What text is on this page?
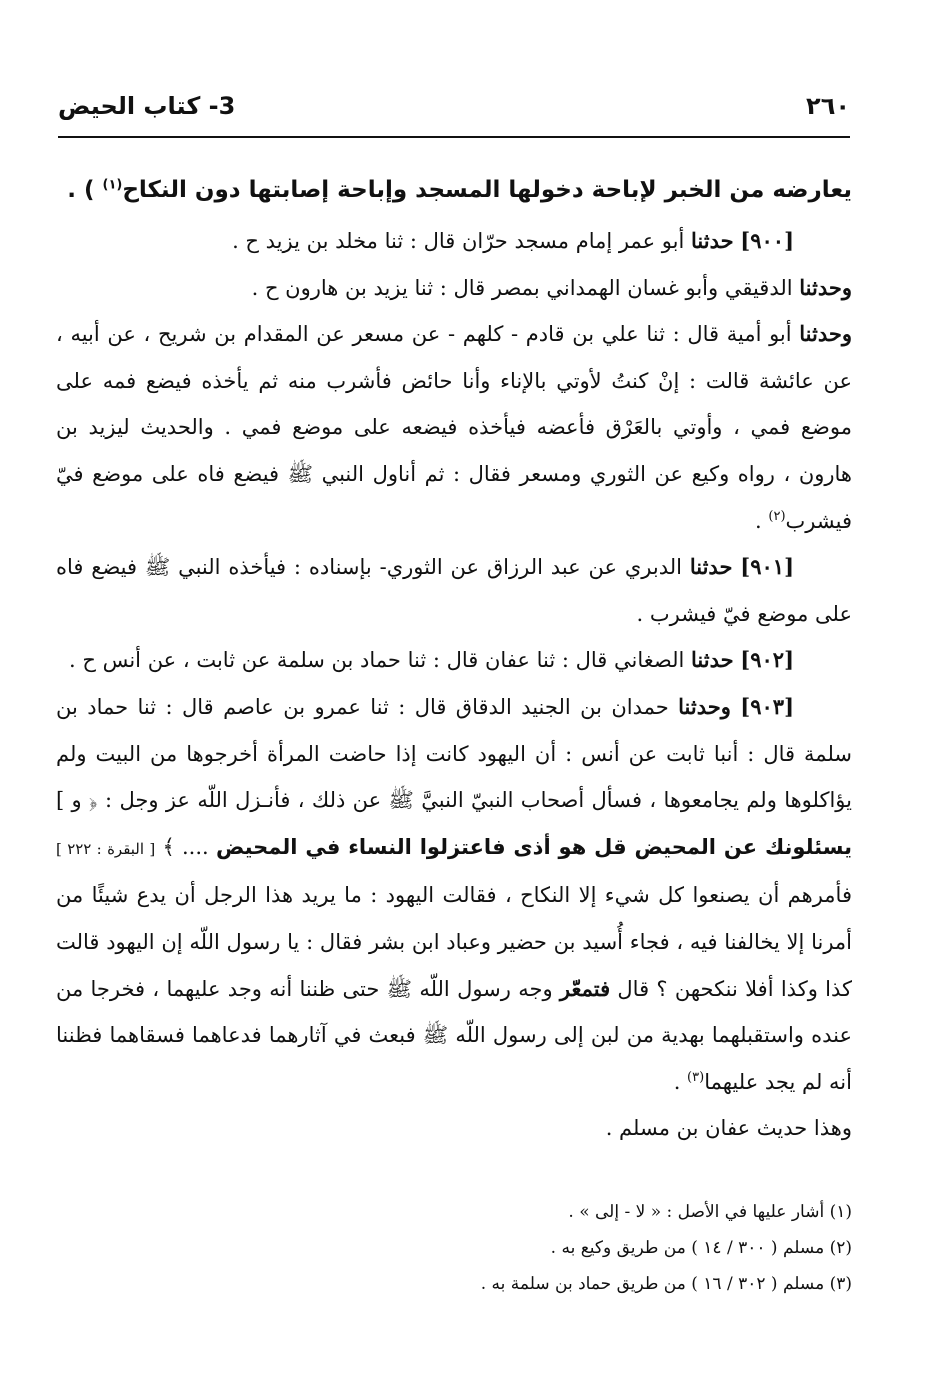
٢٦٠
3- كتاب الحيض

يعارضه من الخبر لإباحة دخولها المسجد وإباحة إصابتها دون النكاح$^{(١)}$ ) .

[٩٠٠] حدثنا أبو عمر إمام مسجد حرّان قال : ثنا مخلد بن يزيد ح .

وحدثنا الدقيقي وأبو غسان الهمداني بمصر قال : ثنا يزيد بن هارون ح .

وحدثنا أبو أمية قال : ثنا علي بن قادم - كلهم - عن مسعر عن المقدام بن شريح ، عن أبيه ، عن عائشة قالت : إنْ كنتُ لأوتي بالإناء وأنا حائض فأشرب منه ثم يأخذه فيضع فمه على موضع فمي ، وأوتي بالعَرْق فأعضه فيأخذه فيضعه على موضع فمي . والحديث ليزيد بن هارون ، رواه وكيع عن الثوري ومسعر فقال : ثم أناول النبي ﷺ فيضع فاه على موضع فيّ فيشرب$^{(٢)}$ .

[٩٠١] حدثنا الدبري عن عبد الرزاق عن الثوري- بإسناده : فيأخذه النبي ﷺ فيضع فاه على موضع فيّ فيشرب .

[٩٠٢] حدثنا الصغاني قال : ثنا عفان قال : ثنا حماد بن سلمة عن ثابت ، عن أنس ح .

[٩٠٣] وحدثنا حمدان بن الجنيد الدقاق قال : ثنا عمرو بن عاصم قال : ثنا حماد بن سلمة قال : أنبا ثابت عن أنس : أن اليهود كانت إذا حاضت المرأة أخرجوها من البيت ولم يؤاكلوها ولم يجامعوها ، فسأل أصحاب النبيّ النبيَّ ﷺ عن ذلك ، فأنـزل اللّه عز وجل : ﴿ و ] يسئلونك عن المحيض قل هو أذى فاعتزلوا النساء في المحيض .... ﴾ [ البقرة : ٢٢٢ ] فأمرهم أن يصنعوا كل شيء إلا النكاح ، فقالت اليهود : ما يريد هذا الرجل أن يدع شيئًا من أمرنا إلا يخالفنا فيه ، فجاء أُسيد بن حضير وعباد ابن بشر فقال : يا رسول اللّه إن اليهود قالت كذا وكذا أفلا ننكحهن ؟ قال فتمعّر وجه رسول اللّه ﷺ حتى ظننا أنه وجد عليهما ، فخرجا من عنده واستقبلهما بهدية من لبن إلى رسول اللّه ﷺ فبعث في آثارهما فدعاهما فسقاهما فظننا أنه لم يجد عليهما$^{(٣)}$ .

وهذا حديث عفان بن مسلم .

(١) أشار عليها في الأصل : « لا - إلى » .
(٢) مسلم ( ٣٠٠ / ١٤ ) من طريق وكيع به .
(٣) مسلم ( ٣٠٢ / ١٦ ) من طريق حماد بن سلمة به .
